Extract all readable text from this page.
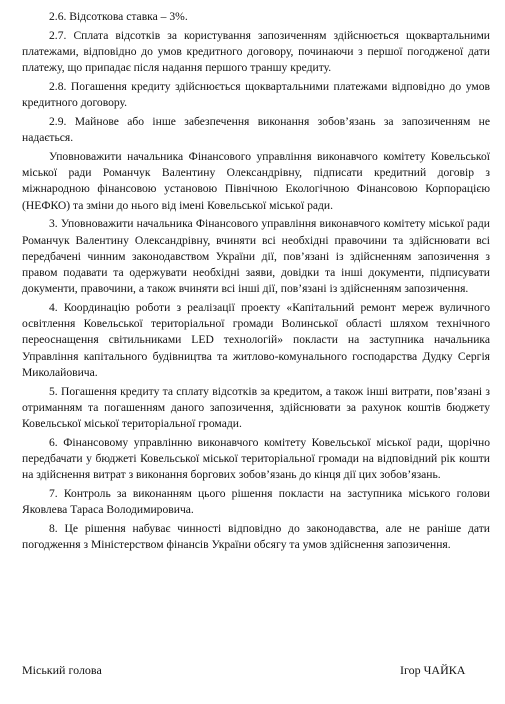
2.6. Відсоткова ставка – 3%.

2.7. Сплата відсотків за користування запозиченням здійснюється щоквартальними платежами, відповідно до умов кредитного договору, починаючи з першої погодженої дати платежу, що припадає після надання першого траншу кредиту.

2.8. Погашення кредиту здійснюється щоквартальними платежами відповідно до умов кредитного договору.

2.9. Майнове або інше забезпечення виконання зобов’язань за запозиченням не надається.

Уповноважити начальника Фінансового управління виконавчого комітету Ковельської міської ради Романчук Валентину Олександрівну, підписати кредитний договір з міжнародною фінансовою установою Північною Екологічною Фінансовою Корпорацією (НЕФКО) та зміни до нього від імені Ковельської міської ради.

3. Уповноважити начальника Фінансового управління виконавчого комітету міської ради Романчук Валентину Олександрівну, вчиняти всі необхідні правочини та здійснювати всі передбачені чинним законодавством України дії, пов’язані із здійсненням запозичення з правом подавати та одержувати необхідні заяви, довідки та інші документи, підписувати документи, правочини, а також вчиняти всі інші дії, пов’язані із здійсненням запозичення.

4. Координацію роботи з реалізації проекту «Капітальний ремонт мереж вуличного освітлення Ковельської територіальної громади Волинської області шляхом технічного переоснащення світильниками LED технологій» покласти на заступника начальника Управління капітального будівництва та житлово-комунального господарства Дудку Сергія Миколайовича.

5. Погашення кредиту та сплату відсотків за кредитом, а також інші витрати, пов’язані з отриманням та погашенням даного запозичення, здійснювати за рахунок коштів бюджету Ковельської міської територіальної громади.

6. Фінансовому управлінню виконавчого комітету Ковельської міської ради, щорічно передбачати у бюджеті Ковельської міської територіальної громади на відповідний рік кошти на здійснення витрат з виконання боргових зобов’язань до кінця дії цих зобов’язань.

7. Контроль за виконанням цього рішення покласти на заступника міського голови Яковлева Тараса Володимировича.

8. Це рішення набуває чинності відповідно до законодавства, але не раніше дати погодження з Міністерством фінансів України обсягу та умов здійснення запозичення.

Міський голова	Ігор ЧАЙКА
